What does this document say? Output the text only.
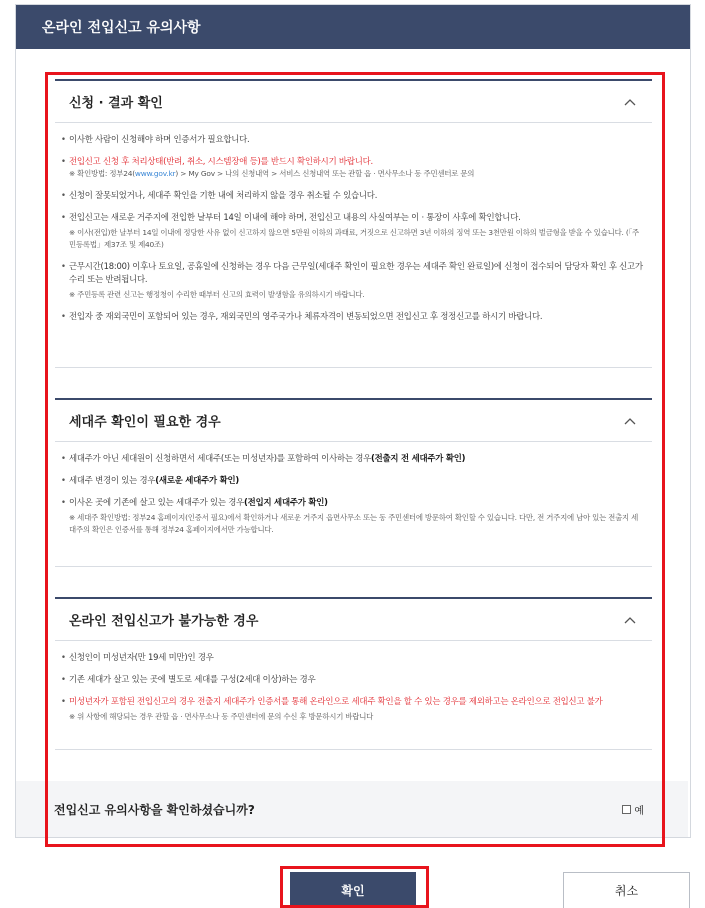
온라인 전입신고 유의사항
신청 · 결과 확인
• 이사한 사람이 신청해야 하며 인증서가 필요합니다.
• 전입신고 신청 후 처리상태(반려, 취소, 시스템장애 등)를 반드시 확인하시기 바랍니다.
※ 확인방법: 정부24(www.gov.kr) > My Gov > 나의 신청내역 > 서비스 신청내역 또는 관할 읍 · 면사무소나 동 주민센터로 문의
• 신청이 잘못되었거나, 세대주 확인을 기한 내에 처리하지 않을 경우 취소될 수 있습니다.
• 전입신고는 새로운 거주지에 전입한 날부터 14일 이내에 해야 하며, 전입신고 내용의 사실여부는 이 · 통장이 사후에 확인합니다.
※ 이사(전입)한 날부터 14일 이내에 정당한 사유 없이 신고하지 않으면 5만원 이하의 과태료, 거짓으로 신고하면 3년 이하의 징역 또는 3천만원 이하의 벌금형을 받을 수 있습니다. (「주민등록법」제37조 및 제40조)
• 근무시간(18:00) 이후나 토요일, 공휴일에 신청하는 경우 다음 근무일(세대주 확인이 필요한 경우는 세대주 확인 완료일)에 신청이 접수되어 담당자 확인 후 신고가 수리 또는 반려됩니다.
※ 주민등록 관련 신고는 행정청이 수리한 때부터 신고의 효력이 발생함을 유의하시기 바랍니다.
• 전입자 중 재외국민이 포함되어 있는 경우, 재외국민의 영주국가나 체류자격이 변동되었으면 전입신고 후 정정신고를 하시기 바랍니다.
세대주 확인이 필요한 경우
• 세대주가 아닌 세대원이 신청하면서 세대주(또는 미성년자)를 포함하여 이사하는 경우(전출지 전 세대주가 확인)
• 세대주 변경이 있는 경우(새로운 세대주가 확인)
• 이사온 곳에 기존에 살고 있는 세대주가 있는 경우(전입지 세대주가 확인)
※ 세대주 확인방법: 정부24 홈페이지(인증서 필요)에서 확인하거나 새로운 거주지 읍면사무소 또는 동 주민센터에 방문하여 확인할 수 있습니다. 다만, 전 거주지에 남아 있는 전출지 세대주의 확인은 인증서를 통해 정부24 홈페이지에서만 가능합니다.
온라인 전입신고가 불가능한 경우
• 신청인이 미성년자(만 19세 미만)인 경우
• 기존 세대가 살고 있는 곳에 별도로 세대를 구성(2세대 이상)하는 경우
• 미성년자가 포함된 전입신고의 경우 전출지 세대주가 인증서를 통해 온라인으로 세대주 확인을 할 수 있는 경우를 제외하고는 온라인으로 전입신고 불가
※ 위 사항에 해당되는 경우 관할 읍 · 면사무소나 동 주민센터에 문의 수신 후 방문하시기 바랍니다
전입신고 유의사항을 확인하셨습니까?	예
확인	취소
